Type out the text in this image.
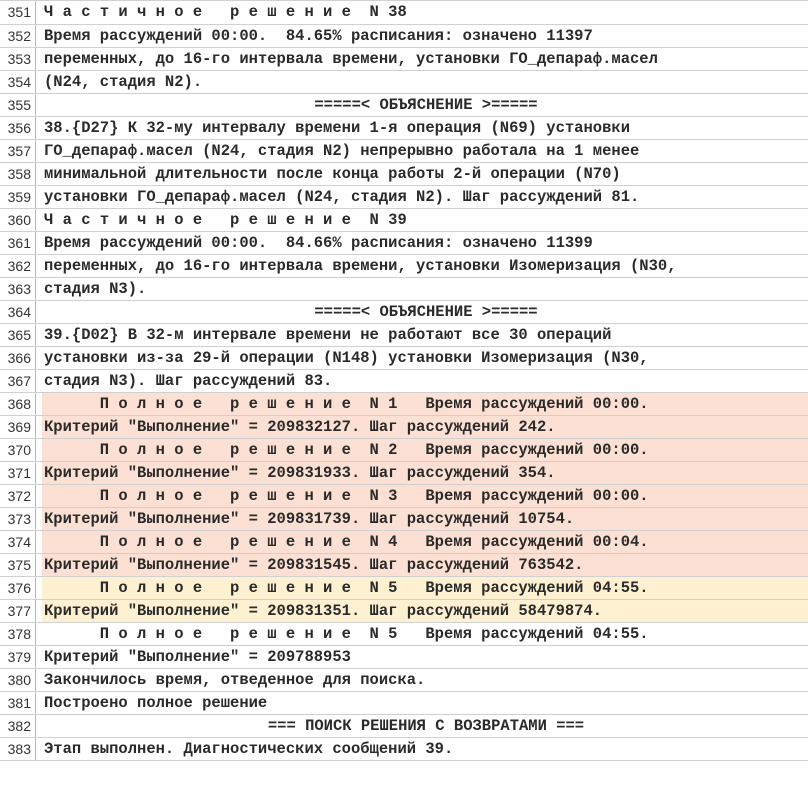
351 Ч а с т и ч н о е   р е ш е н и е  N 38
352 Время рассуждений 00:00.  84.65% расписания: означено 11397
353 переменных, до 16-го интервала времени, установки ГО_депараф.масел
354 (N24, стадия N2).
355	=====< ОБЪЯСНЕНИЕ >=====
356 38.{D27} К 32-му интервалу времени 1-я операция (N69) установки
357 ГО_депараф.масел (N24, стадия N2) непрерывно работала на 1 менее
358 минимальной длительности после конца работы 2-й операции (N70)
359 установки ГО_депараф.масел (N24, стадия N2). Шаг рассуждений 81.
360 Ч а с т и ч н о е   р е ш е н и е  N 39
361 Время рассуждений 00:00.  84.66% расписания: означено 11399
362 переменных, до 16-го интервала времени, установки Изомеризация (N30,
363 стадия N3).
364	=====< ОБЪЯСНЕНИЕ >=====
365 39.{D02} В 32-м интервале времени не работают все 30 операций
366 установки из-за 29-й операции (N148) установки Изомеризация (N30,
367 стадия N3). Шаг рассуждений 83.
368 П о л н о е   р е ш е н и е  N 1   Время рассуждений 00:00.
369 Критерий "Выполнение" = 209832127. Шаг рассуждений 242.
370 П о л н о е   р е ш е н и е  N 2   Время рассуждений 00:00.
371 Критерий "Выполнение" = 209831933. Шаг рассуждений 354.
372 П о л н о е   р е ш е н и е  N 3   Время рассуждений 00:00.
373 Критерий "Выполнение" = 209831739. Шаг рассуждений 10754.
374 П о л н о е   р е ш е н и е  N 4   Время рассуждений 00:04.
375 Критерий "Выполнение" = 209831545. Шаг рассуждений 763542.
376 П о л н о е   р е ш е н и е  N 5   Время рассуждений 04:55.
377 Критерий "Выполнение" = 209831351. Шаг рассуждений 58479874.
378 П о л н о е   р е ш е н и е  N 5   Время рассуждений 04:55.
379 Критерий "Выполнение" = 209788953
380 Закончилось время, отведенное для поиска.
381 Построено полное решение
382	=== ПОИСК РЕШЕНИЯ С ВОЗВРАТАМИ ===
383 Этап выполнен. Диагностических сообщений 39.
